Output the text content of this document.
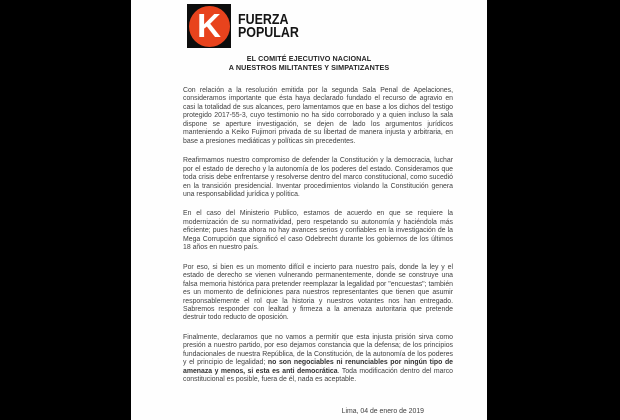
K FUERZA
POPULAR
EL COMITÉ EJECUTIVO NACIONAL
A NUESTROS MILITANTES Y SIMPATIZANTES

Con relación a la resolución emitida por la segunda Sala Penal de Apelaciones, consideramos importante que ésta haya declarado fundado el recurso de agravio en casi la totalidad de sus alcances, pero lamentamos que en base a los dichos del testigo protegido 2017-55-3, cuyo testimonio no ha sido corroborado y a quien incluso la sala dispone se aperture investigación, se dejen de lado los argumentos jurídicos manteniendo a Keiko Fujimori privada de su libertad de manera injusta y arbitraria, en base a presiones mediáticas y políticas sin precedentes.

Reafirmamos nuestro compromiso de defender la Constitución y la democracia, luchar por el estado de derecho y la autonomía de los poderes del estado. Consideramos que toda crisis debe enfrentarse y resolverse dentro del marco constitucional, como sucedió en la transición presidencial. Inventar procedimientos violando la Constitución genera una responsabilidad jurídica y política.

En el caso del Ministerio Publico, estamos de acuerdo en que se requiere la modernización de su normatividad, pero respetando su autonomía y haciéndola más eficiente; pues hasta ahora no hay avances serios y confiables en la investigación de la Mega Corrupción que significó el caso Odebrecht durante los gobiernos de los últimos 18 años en nuestro país.

Por eso, si bien es un momento difícil e incierto para nuestro país, donde la ley y el estado de derecho se vienen vulnerando permanentemente, donde se construye una falsa memoria histórica para pretender reemplazar la legalidad por "encuestas"; también es un momento de definiciones para nuestros representantes que tienen que asumir responsablemente el rol que la historia y nuestros votantes nos han entregado. Sabremos responder con lealtad y firmeza a la amenaza autoritaria que pretende destruir todo reducto de oposición.

Finalmente, declaramos que no vamos a permitir que esta injusta prisión sirva como presión a nuestro partido, por eso dejamos constancia que la defensa; de los principios fundacionales de nuestra República, de la Constitución, de la autonomía de los poderes y el principio de legalidad; no son negociables ni renunciables por ningún tipo de amenaza y menos, si esta es anti democrática. Toda modificación dentro del marco constitucional es posible, fuera de él, nada es aceptable.

Lima, 04 de enero de 2019
